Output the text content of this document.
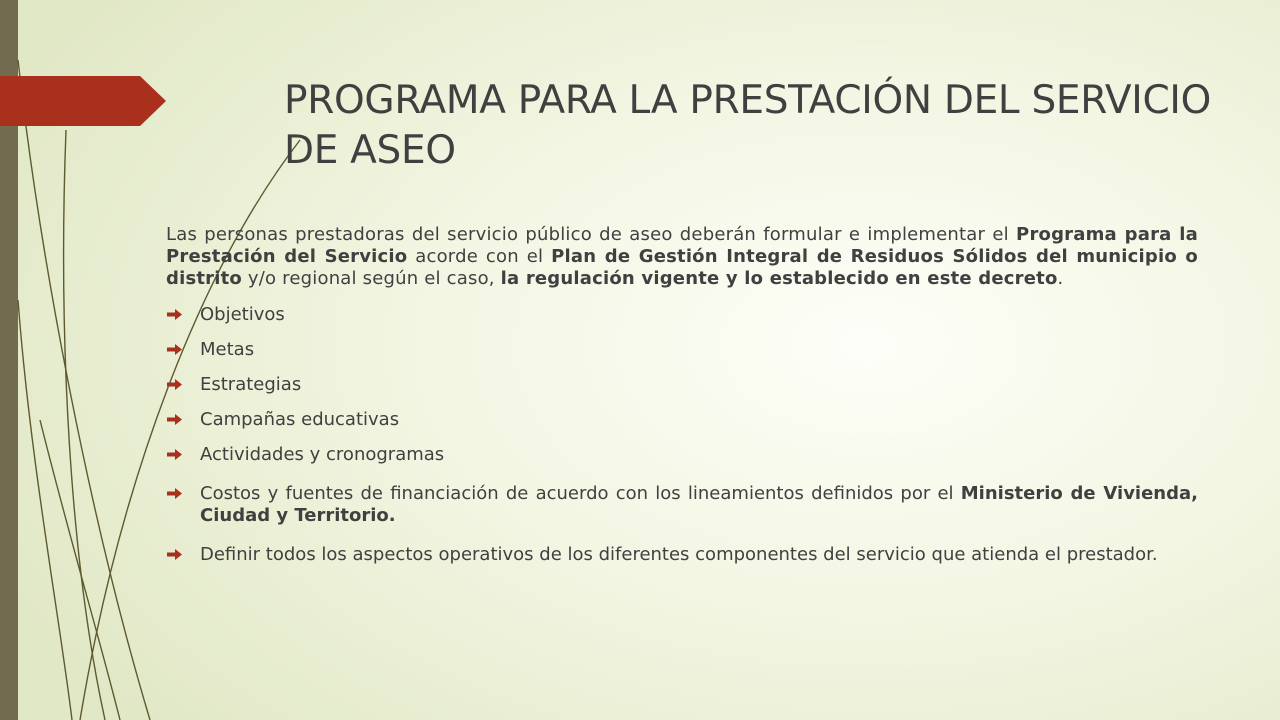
PROGRAMA PARA LA PRESTACIÓN DEL SERVICIO DE ASEO

Las personas prestadoras del servicio público de aseo deberán formular e implementar el Programa para la Prestación del Servicio acorde con el Plan de Gestión Integral de Residuos Sólidos del municipio o distrito y/o regional según el caso, la regulación vigente y lo establecido en este decreto.

Objetivos
Metas
Estrategias
Campañas educativas
Actividades y cronogramas
Costos y fuentes de financiación de acuerdo con los lineamientos definidos por el Ministerio de Vivienda, Ciudad y Territorio.
Definir todos los aspectos operativos de los diferentes componentes del servicio que atienda el prestador.
